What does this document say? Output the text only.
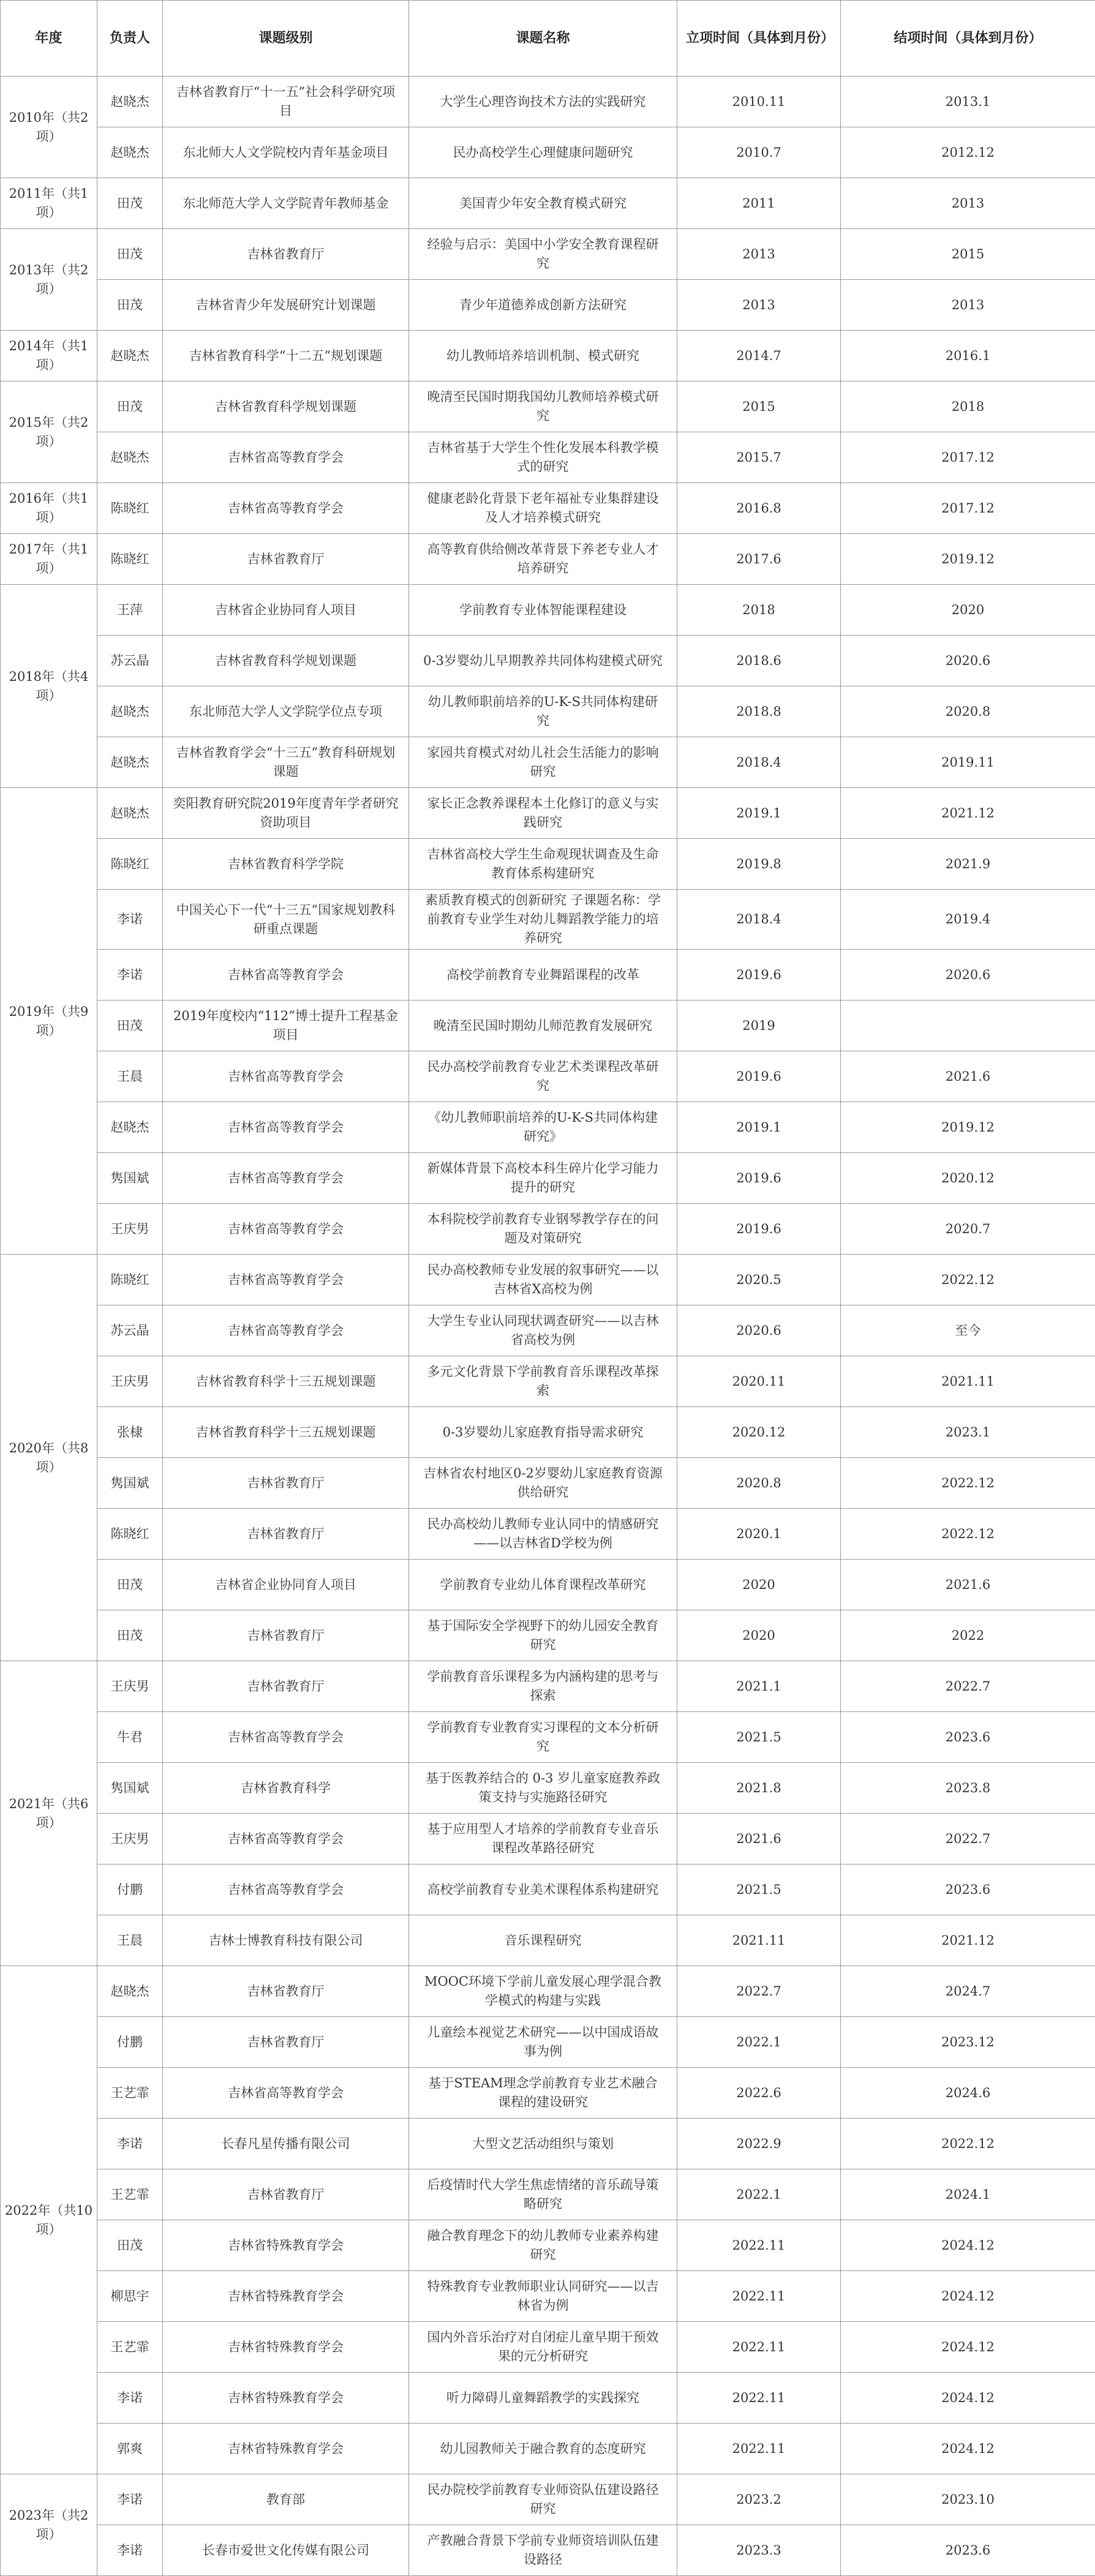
年度	负责人	课题级别	课题名称	立项时间（具体到月份）	结项时间（具体到月份）
2010年（共2项）	赵晓杰	吉林省教育厅“十一五”社会科学研究项目	大学生心理咨询技术方法的实践研究	2010.11	2013.1
	赵晓杰	东北师大人文学院校内青年基金项目	民办高校学生心理健康问题研究	2010.7	2012.12
2011年（共1项）	田茂	东北师范大学人文学院青年教师基金	美国青少年安全教育模式研究	2011	2013
2013年（共2项）	田茂	吉林省教育厅	经验与启示：美国中小学安全教育课程研究	2013	2015
	田茂	吉林省青少年发展研究计划课题	青少年道德养成创新方法研究	2013	2013
2014年（共1项）	赵晓杰	吉林省教育科学“十二五”规划课题	幼儿教师培养培训机制、模式研究	2014.7	2016.1
2015年（共2项）	田茂	吉林省教育科学规划课题	晚清至民国时期我国幼儿教师培养模式研究	2015	2018
	赵晓杰	吉林省高等教育学会	吉林省基于大学生个性化发展本科教学模式的研究	2015.7	2017.12
2016年（共1项）	陈晓红	吉林省高等教育学会	健康老龄化背景下老年福祉专业集群建设及人才培养模式研究	2016.8	2017.12
2017年（共1项）	陈晓红	吉林省教育厅	高等教育供给侧改革背景下养老专业人才培养研究	2017.6	2019.12
2018年（共4项）	王萍	吉林省企业协同育人项目	学前教育专业体智能课程建设	2018	2020
	苏云晶	吉林省教育科学规划课题	0-3岁婴幼儿早期教养共同体构建模式研究	2018.6	2020.6
	赵晓杰	东北师范大学人文学院学位点专项	幼儿教师职前培养的U-K-S共同体构建研究	2018.8	2020.8
	赵晓杰	吉林省教育学会“十三五”教育科研规划课题	家园共育模式对幼儿社会生活能力的影响研究	2018.4	2019.11
2019年（共9项）	赵晓杰	奕阳教育研究院2019年度青年学者研究资助项目	家长正念教养课程本土化修订的意义与实践研究	2019.1	2021.12
	陈晓红	吉林省教育科学学院	吉林省高校大学生生命观现状调查及生命教育体系构建研究	2019.8	2021.9
	李诺	中国关心下一代“十三五”国家规划教科研重点课题	素质教育模式的创新研究 子课题名称：学前教育专业学生对幼儿舞蹈教学能力的培养研究	2018.4	2019.4
	李诺	吉林省高等教育学会	高校学前教育专业舞蹈课程的改革	2019.6	2020.6
	田茂	2019年度校内“112”博士提升工程基金项目	晚清至民国时期幼儿师范教育发展研究	2019	
	王晨	吉林省高等教育学会	民办高校学前教育专业艺术类课程改革研究	2019.6	2021.6
	赵晓杰	吉林省高等教育学会	《幼儿教师职前培养的U-K-S共同体构建研究》	2019.1	2019.12
	隽国斌	吉林省高等教育学会	新媒体背景下高校本科生碎片化学习能力提升的研究	2019.6	2020.12
	王庆男	吉林省高等教育学会	本科院校学前教育专业钢琴教学存在的问题及对策研究	2019.6	2020.7
2020年（共8项）	陈晓红	吉林省高等教育学会	民办高校教师专业发展的叙事研究——以吉林省X高校为例	2020.5	2022.12
	苏云晶	吉林省高等教育学会	大学生专业认同现状调查研究——以吉林省高校为例	2020.6	至今
	王庆男	吉林省教育科学十三五规划课题	多元文化背景下学前教育音乐课程改革探索	2020.11	2021.11
	张棣	吉林省教育科学十三五规划课题	0-3岁婴幼儿家庭教育指导需求研究	2020.12	2023.1
	隽国斌	吉林省教育厅	吉林省农村地区0-2岁婴幼儿家庭教育资源供给研究	2020.8	2022.12
	陈晓红	吉林省教育厅	民办高校幼儿教师专业认同中的情感研究——以吉林省D学校为例	2020.1	2022.12
	田茂	吉林省企业协同育人项目	学前教育专业幼儿体育课程改革研究	2020	2021.6
	田茂	吉林省教育厅	基于国际安全学视野下的幼儿园安全教育研究	2020	2022
2021年（共6项）	王庆男	吉林省教育厅	学前教育音乐课程多为内涵构建的思考与探索	2021.1	2022.7
	牛君	吉林省高等教育学会	学前教育专业教育实习课程的文本分析研究	2021.5	2023.6
	隽国斌	吉林省教育科学	基于医教养结合的 0-3 岁儿童家庭教养政策支持与实施路径研究	2021.8	2023.8
	王庆男	吉林省高等教育学会	基于应用型人才培养的学前教育专业音乐课程改革路径研究	2021.6	2022.7
	付鹏	吉林省高等教育学会	高校学前教育专业美术课程体系构建研究	2021.5	2023.6
	王晨	吉林士博教育科技有限公司	音乐课程研究	2021.11	2021.12
2022年（共10项）	赵晓杰	吉林省教育厅	MOOC环境下学前儿童发展心理学混合教学模式的构建与实践	2022.7	2024.7
	付鹏	吉林省教育厅	儿童绘本视觉艺术研究——以中国成语故事为例	2022.1	2023.12
	王艺霏	吉林省高等教育学会	基于STEAM理念学前教育专业艺术融合课程的建设研究	2022.6	2024.6
	李诺	长春凡星传播有限公司	大型文艺活动组织与策划	2022.9	2022.12
	王艺霏	吉林省教育厅	后疫情时代大学生焦虑情绪的音乐疏导策略研究	2022.1	2024.1
	田茂	吉林省特殊教育学会	融合教育理念下的幼儿教师专业素养构建研究	2022.11	2024.12
	柳思宇	吉林省特殊教育学会	特殊教育专业教师职业认同研究——以吉林省为例	2022.11	2024.12
	王艺霏	吉林省特殊教育学会	国内外音乐治疗对自闭症儿童早期干预效果的元分析研究	2022.11	2024.12
	李诺	吉林省特殊教育学会	听力障碍儿童舞蹈教学的实践探究	2022.11	2024.12
	郭爽	吉林省特殊教育学会	幼儿园教师关于融合教育的态度研究	2022.11	2024.12
2023年（共2项）	李诺	教育部	民办院校学前教育专业师资队伍建设路径研究	2023.2	2023.10
	李诺	长春市爱世文化传媒有限公司	产教融合背景下学前专业师资培训队伍建设路径	2023.3	2023.6
